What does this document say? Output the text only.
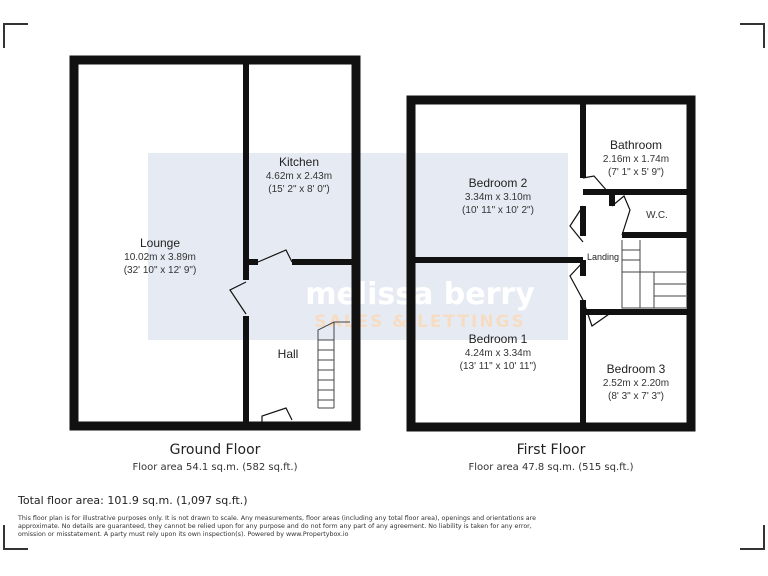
melissa berry
SALES & LETTINGS
Lounge
10.02m x 3.89m
(32' 10" x 12' 9")
Kitchen
4.62m x 2.43m
(15' 2" x 8' 0")
Hall
Ground Floor
Floor area 54.1 sq.m. (582 sq.ft.)
Bedroom 2
3.34m x 3.10m
(10' 11" x 10' 2")
Bathroom
2.16m x 1.74m
(7' 1" x 5' 9")
W.C.
Landing
Bedroom 1
4.24m x 3.34m
(13' 11" x 10' 11")	Bedroom 3
2.52m x 2.20m
(8' 3" x 7' 3")
First Floor
Floor area 47.8 sq.m. (515 sq.ft.)
Total floor area: 101.9 sq.m. (1,097 sq.ft.)
This floor plan is for illustrative purposes only. It is not drawn to scale. Any measurements, floor areas (including any total floor area), openings and orientations are approximate. No details are guaranteed, they cannot be relied upon for any purpose and do not form any part of any agreement. No liability is taken for any error, omission or misstatement. A party must rely upon its own inspection(s). Powered by www.Propertybox.io
